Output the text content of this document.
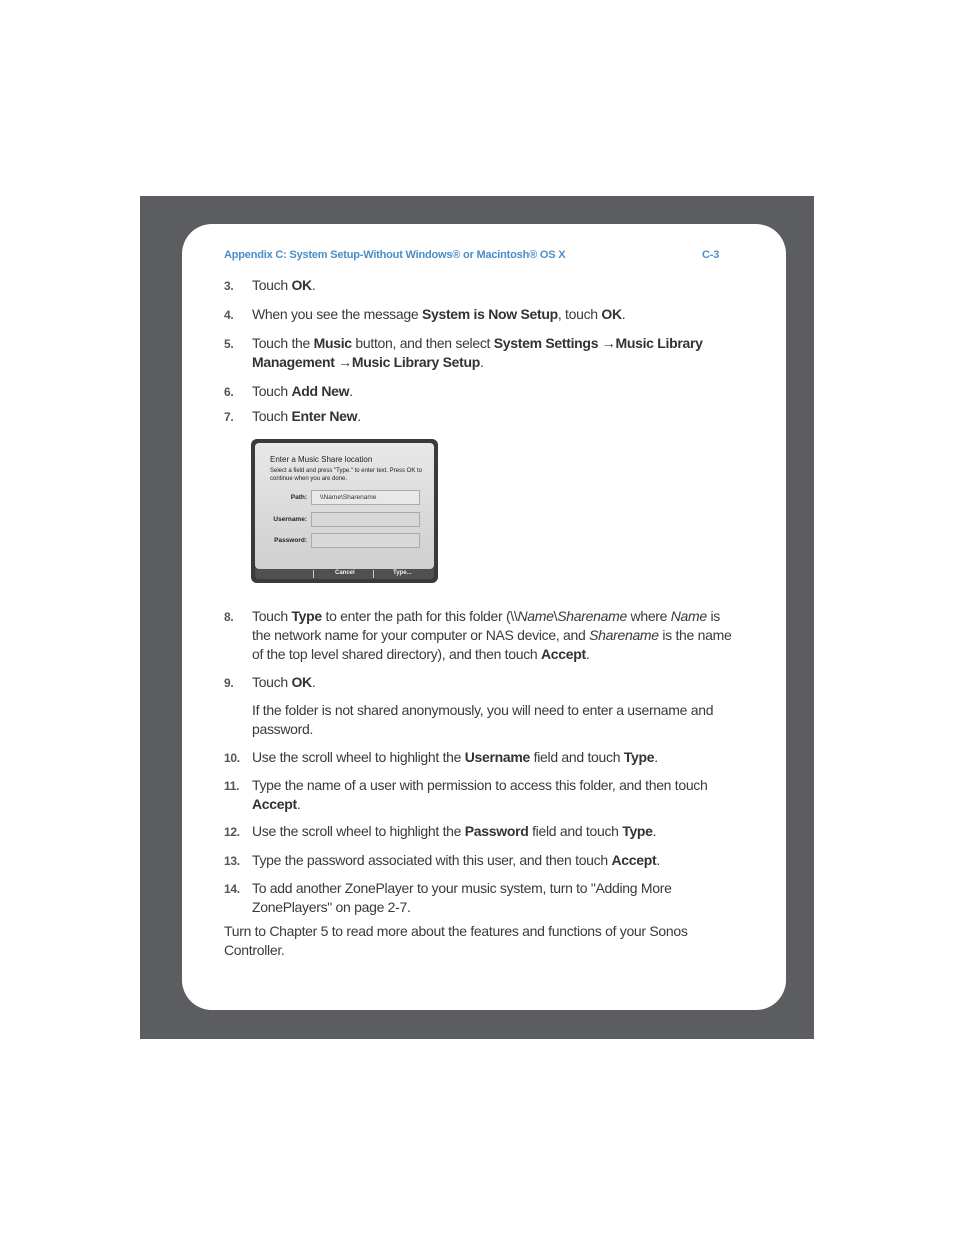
Appendix C: System Setup-Without Windows® or Macintosh® OS X	C-3
3.	Touch OK.
4.	When you see the message System is Now Setup, touch OK.
5.	Touch the Music button, and then select System Settings →Music Library Management →Music Library Setup.
6.	Touch Add New.
7.	Touch Enter New.
Enter a Music Share location
Select a field and press "Type." to enter text. Press OK to continue when you are done.
Path:	\\Name\Sharename
Username:
Password:
Cancel	Type...
8.	Touch Type to enter the path for this folder (\\Name\Sharename where Name is the network name for your computer or NAS device, and Sharename is the name of the top level shared directory), and then touch Accept.
9.	Touch OK.
If the folder is not shared anonymously, you will need to enter a username and password.
10. Use the scroll wheel to highlight the Username field and touch Type.
11. Type the name of a user with permission to access this folder, and then touch Accept.
12. Use the scroll wheel to highlight the Password field and touch Type.
13. Type the password associated with this user, and then touch Accept.
14. To add another ZonePlayer to your music system, turn to "Adding More ZonePlayers" on page 2-7.
Turn to Chapter 5 to read more about the features and functions of your Sonos Controller.
